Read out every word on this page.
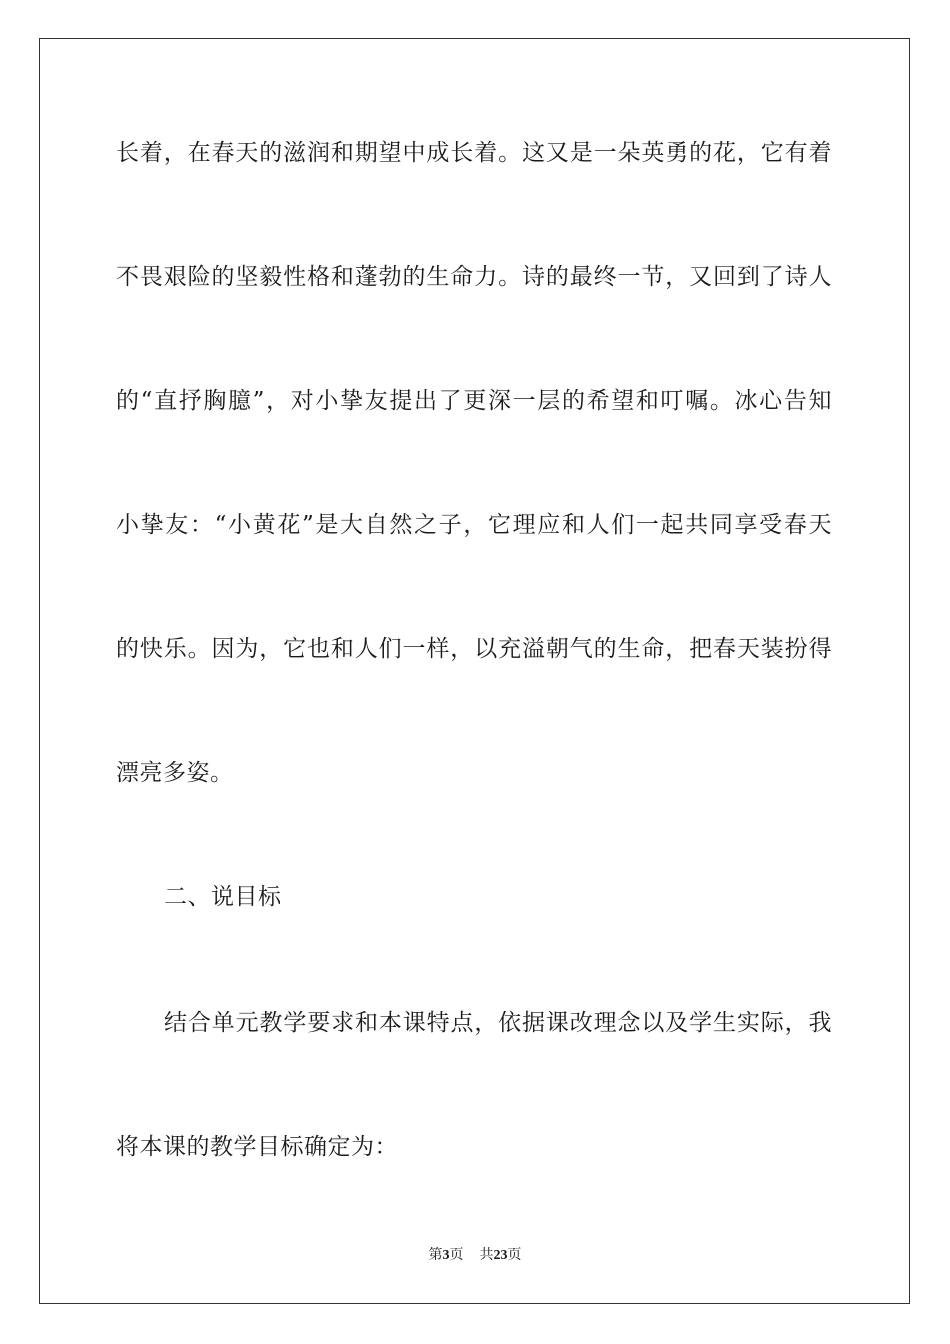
长着，在春天的滋润和期望中成长着。这又是一朵英勇的花，它有着
不畏艰险的坚毅性格和蓬勃的生命力。诗的最终一节，又回到了诗人
的“直抒胸臆”，对小挚友提出了更深一层的希望和叮嘱。冰心告知
小挚友：“小黄花”是大自然之子，它理应和人们一起共同享受春天
的快乐。因为，它也和人们一样，以充溢朝气的生命，把春天装扮得
漂亮多姿。
二、说目标
结合单元教学要求和本课特点，依据课改理念以及学生实际，我
将本课的教学目标确定为：
第3页 共23页
